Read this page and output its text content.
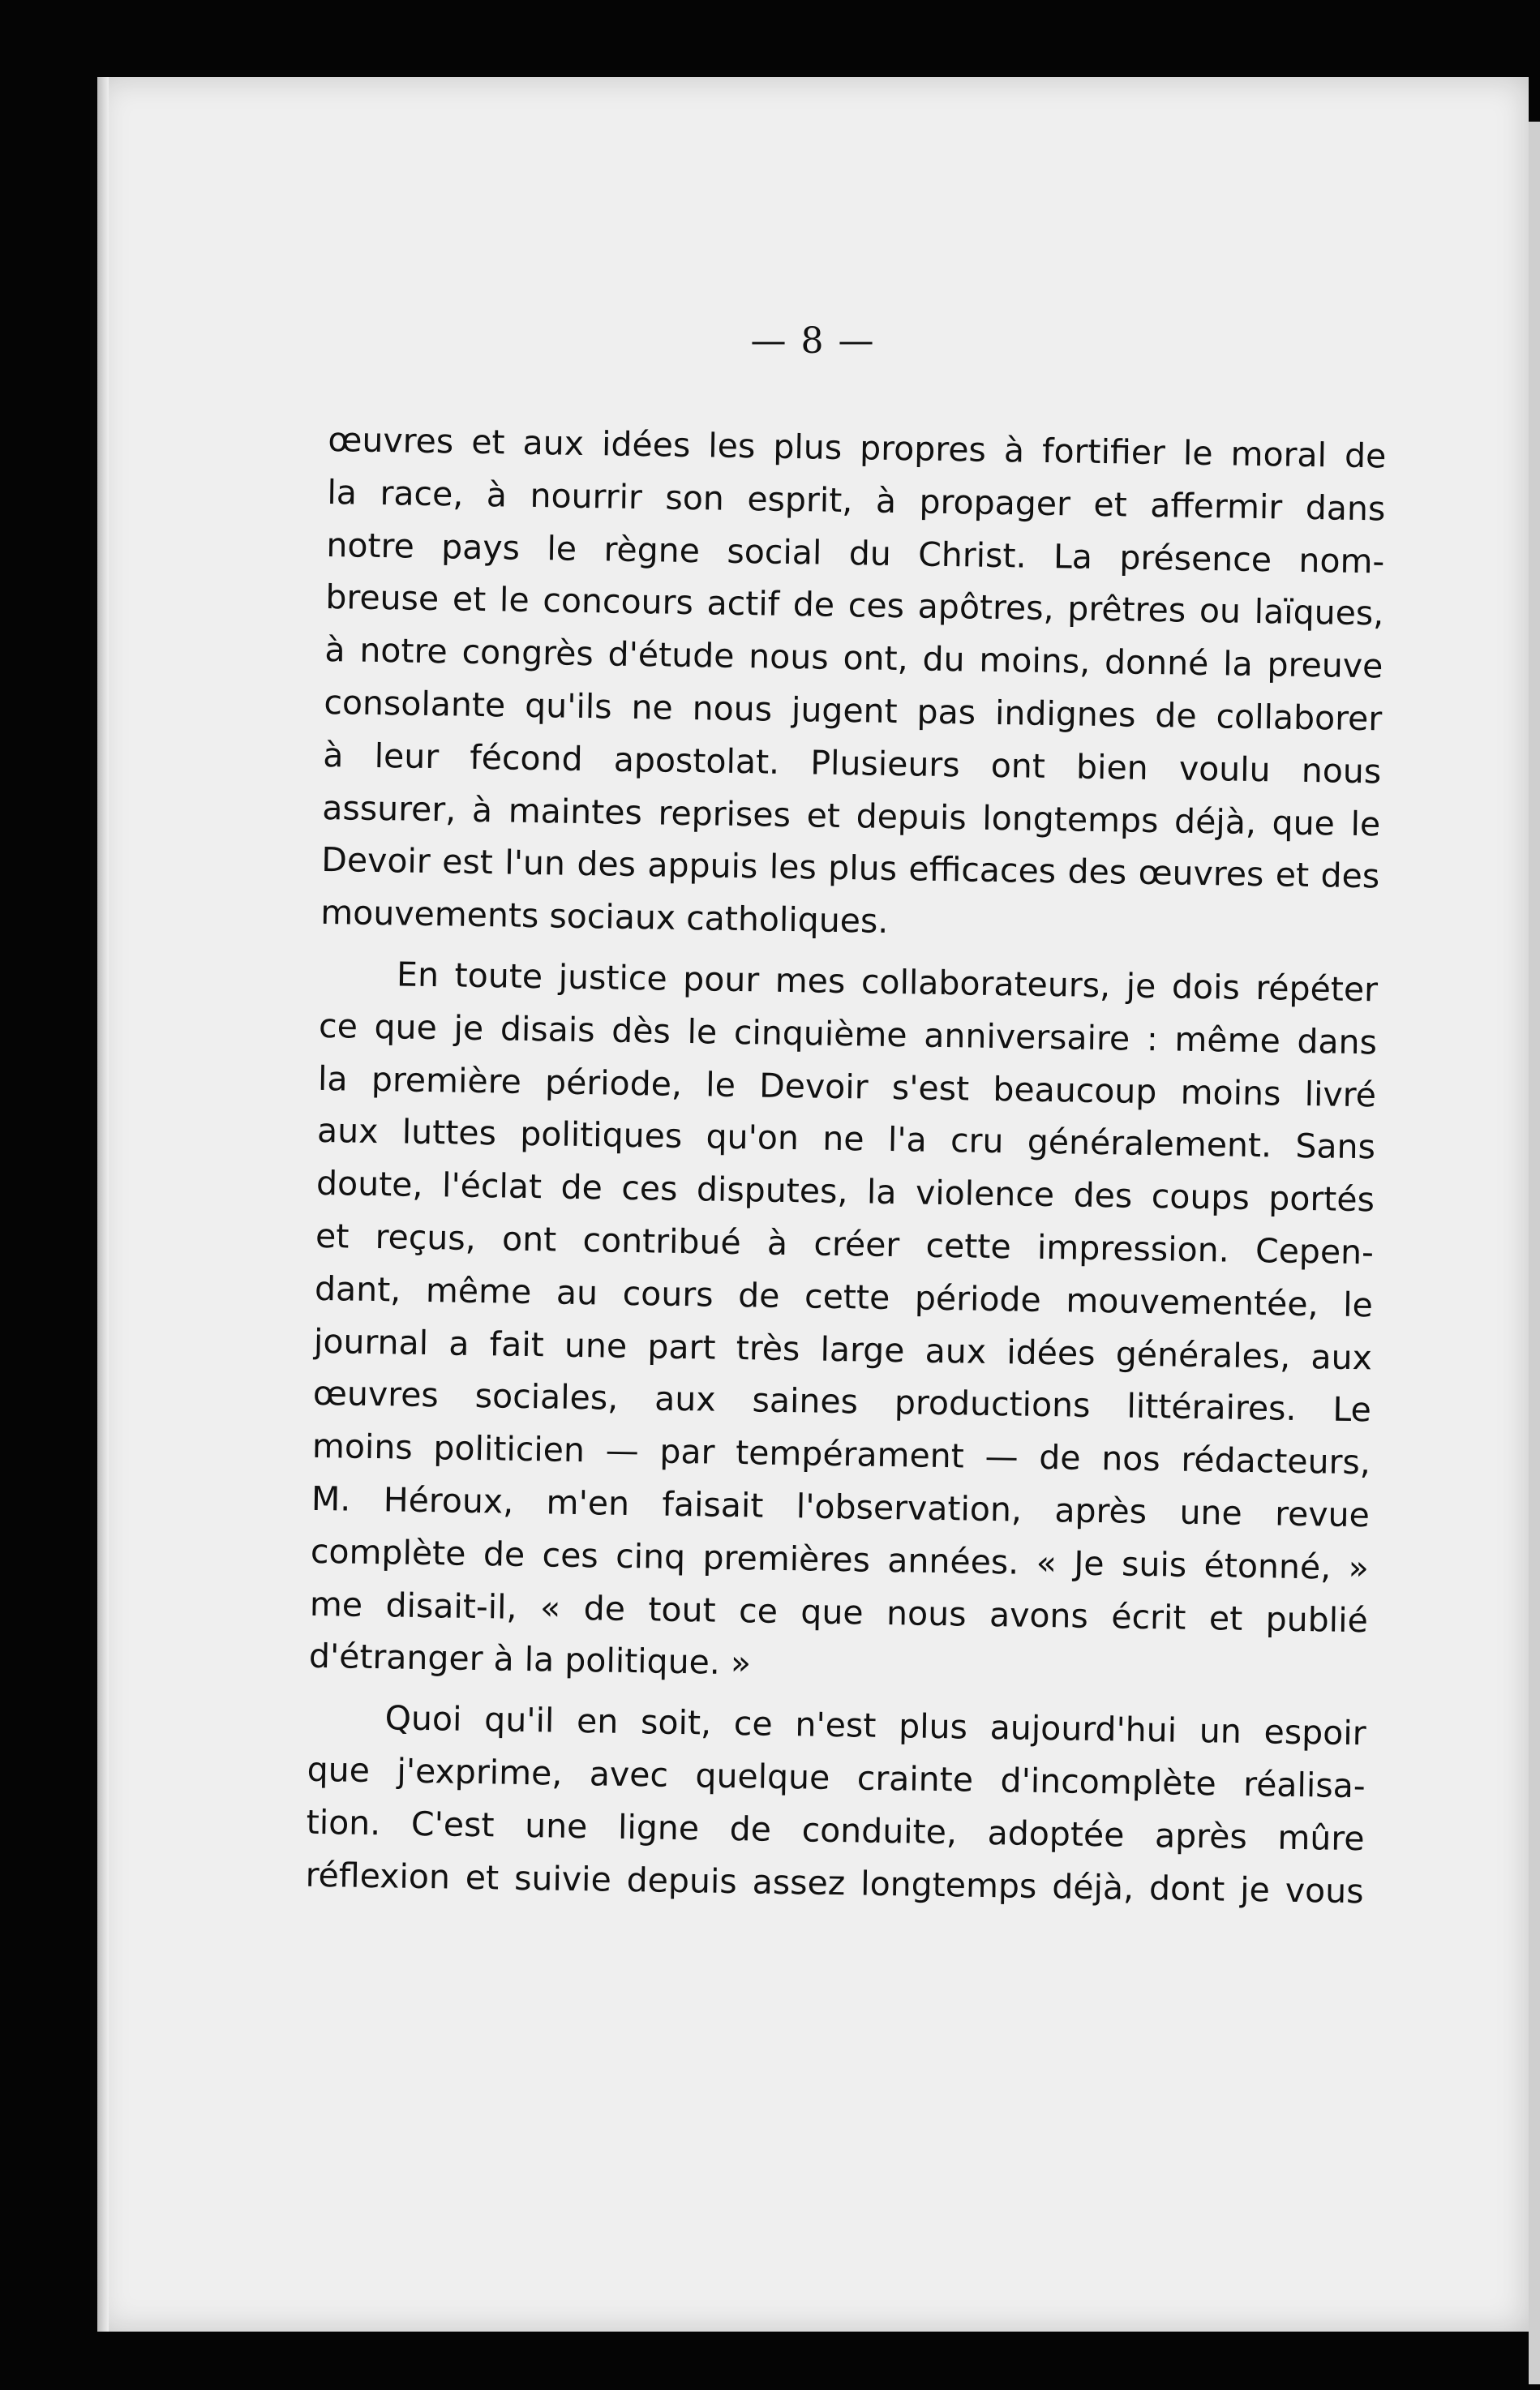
— 8 —
œuvres et aux idées les plus propres à fortifier le moral de
la race, à nourrir son esprit, à propager et affermir dans
notre pays le règne social du Christ. La présence nom-
breuse et le concours actif de ces apôtres, prêtres ou laïques,
à notre congrès d'étude nous ont, du moins, donné la preuve
consolante qu'ils ne nous jugent pas indignes de collaborer
à leur fécond apostolat. Plusieurs ont bien voulu nous
assurer, à maintes reprises et depuis longtemps déjà, que le
Devoir est l'un des appuis les plus efficaces des œuvres et des
mouvements sociaux catholiques.
En toute justice pour mes collaborateurs, je dois répéter
ce que je disais dès le cinquième anniversaire : même dans
la première période, le Devoir s'est beaucoup moins livré
aux luttes politiques qu'on ne l'a cru généralement. Sans
doute, l'éclat de ces disputes, la violence des coups portés
et reçus, ont contribué à créer cette impression. Cepen-
dant, même au cours de cette période mouvementée, le
journal a fait une part très large aux idées générales, aux
œuvres sociales, aux saines productions littéraires. Le
moins politicien — par tempérament — de nos rédacteurs,
M. Héroux, m'en faisait l'observation, après une revue
complète de ces cinq premières années. « Je suis étonné, »
me disait-il, « de tout ce que nous avons écrit et publié
d'étranger à la politique. »
Quoi qu'il en soit, ce n'est plus aujourd'hui un espoir
que j'exprime, avec quelque crainte d'incomplète réalisa-
tion. C'est une ligne de conduite, adoptée après mûre
réflexion et suivie depuis assez longtemps déjà, dont je vous
